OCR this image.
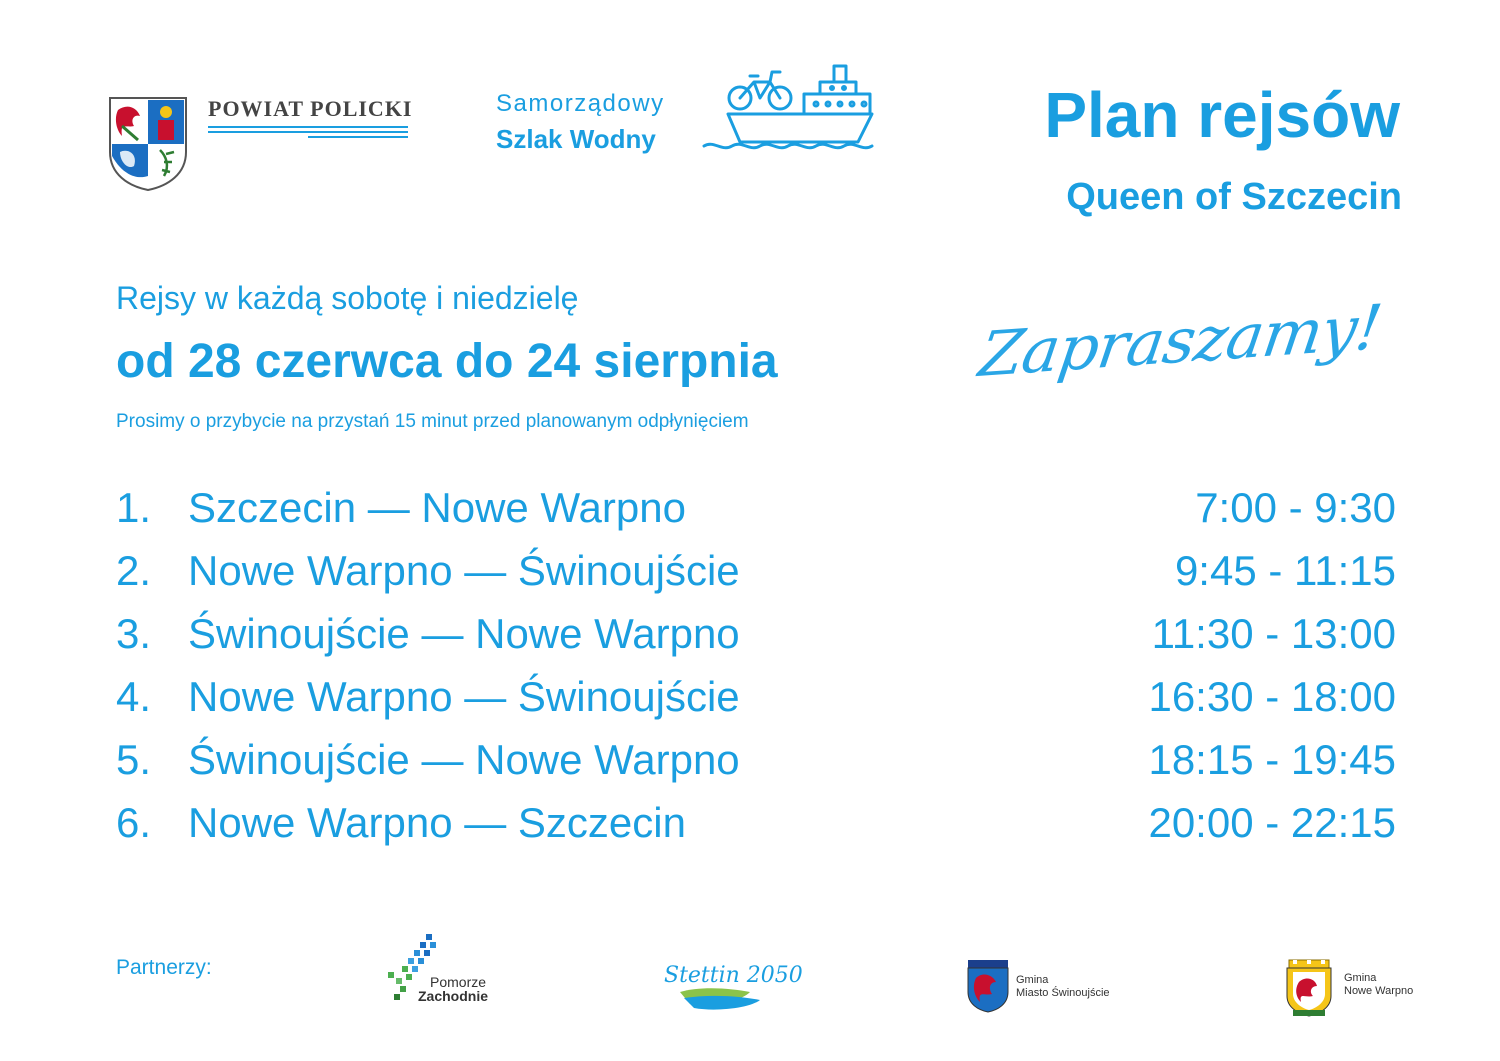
POWIAT POLICKI	Samorządowy
Szlak Wodny	Plan rejsów
Queen of Szczecin
Rejsy w każdą sobotę i niedzielę
od 28 czerwca do 24 sierpnia
Prosimy o przybycie na przystań 15 minut przed planowanym odpłynięciem
Zapraszamy!
1. Szczecin — Nowe Warpno	7:00 - 9:30
2. Nowe Warpno — Świnoujście	9:45 - 11:15
3. Świnoujście — Nowe Warpno	11:30 - 13:00
4. Nowe Warpno — Świnoujście	16:30 - 18:00
5. Świnoujście — Nowe Warpno	18:15 - 19:45
6. Nowe Warpno — Szczecin	20:00 - 22:15
Partnerzy:
Pomorze
Zachodnie
Stettin 2050	Gmina
Miasto Świnoujście
Gmina
Nowe Warpno
